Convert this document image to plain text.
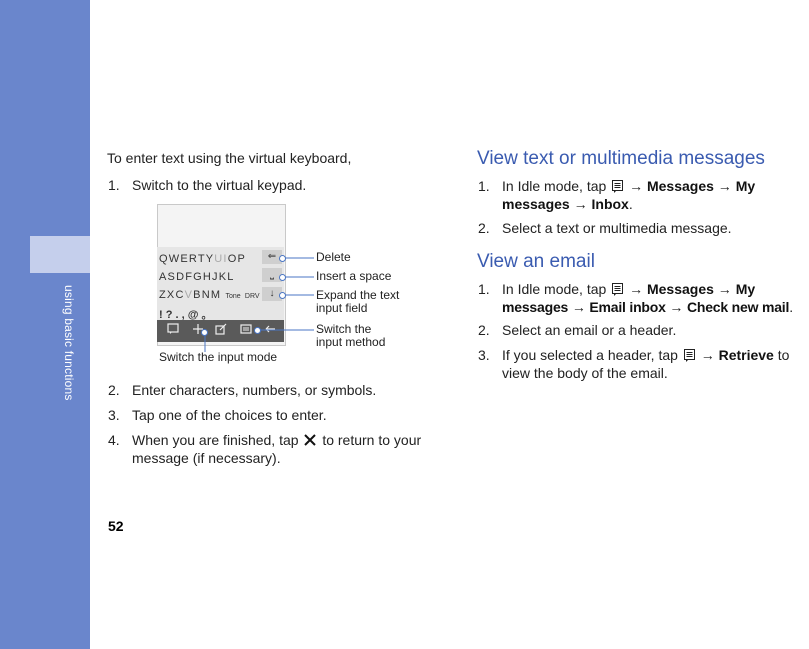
using basic functions
To enter text using the virtual keyboard,
1. Switch to the virtual keypad.
QWERTYUIOP
ASDFGHJKL
ZXCVBNM Tone DRV
! ? . , @ 。
⇐
⎵
↓
Delete
Insert a space
Expand the text
input field
Switch the
input method
Switch the input mode
2. Enter characters, numbers, or symbols.
3. Tap one of the choices to enter.
4. When you are finished, tap to return to your
message (if necessary).
52
View text or multimedia messages
1. In Idle mode, tap → Messages → My
messages → Inbox.
2. Select a text or multimedia message.
View an email
1. In Idle mode, tap → Messages → My
messages → Email inbox → Check new mail.
2. Select an email or a header.
3. If you selected a header, tap → Retrieve to
view the body of the email.
